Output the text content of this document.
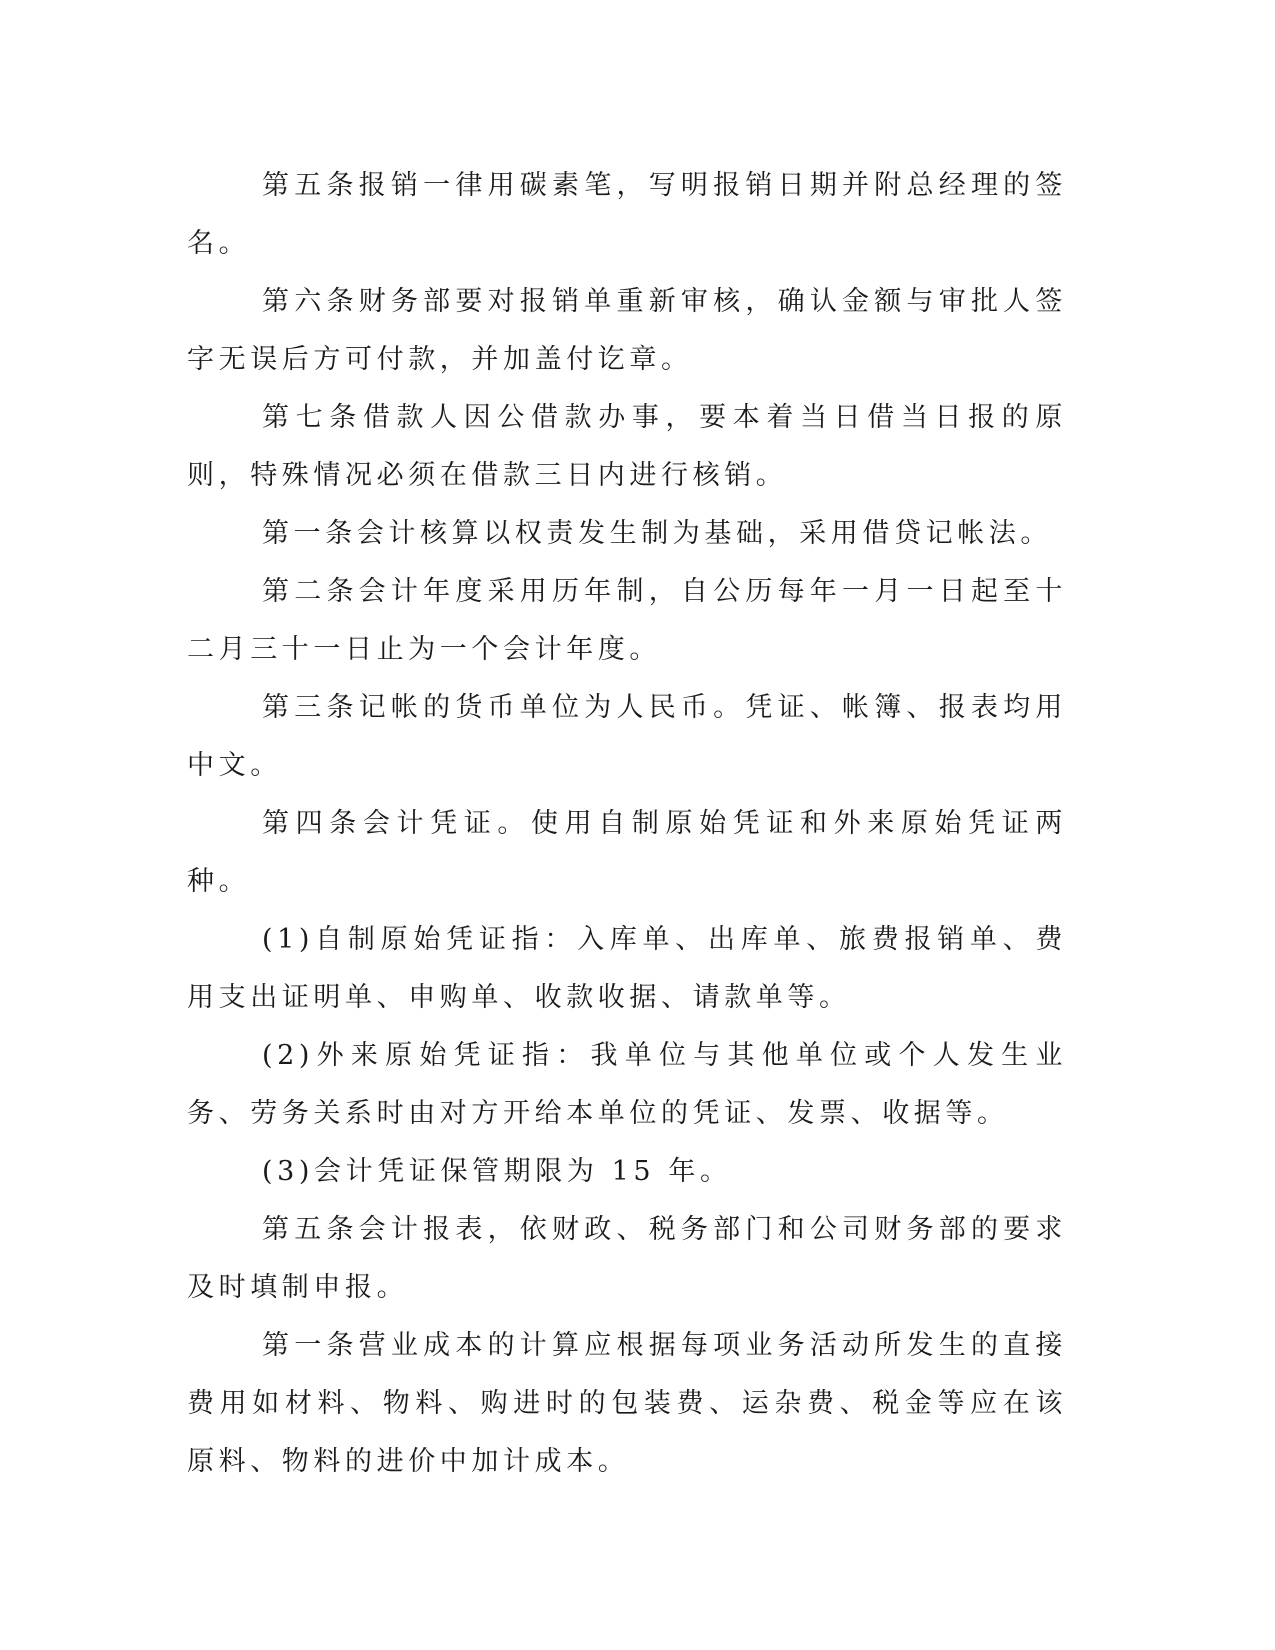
第五条报销一律用碳素笔，写明报销日期并附总经理的签名。

第六条财务部要对报销单重新审核，确认金额与审批人签字无误后方可付款，并加盖付讫章。

第七条借款人因公借款办事，要本着当日借当日报的原则，特殊情况必须在借款三日内进行核销。

第一条会计核算以权责发生制为基础，采用借贷记帐法。

第二条会计年度采用历年制，自公历每年一月一日起至十二月三十一日止为一个会计年度。

第三条记帐的货币单位为人民币。凭证、帐簿、报表均用中文。

第四条会计凭证。使用自制原始凭证和外来原始凭证两种。

(1)自制原始凭证指：入库单、出库单、旅费报销单、费用支出证明单、申购单、收款收据、请款单等。

(2)外来原始凭证指：我单位与其他单位或个人发生业务、劳务关系时由对方开给本单位的凭证、发票、收据等。

(3)会计凭证保管期限为 15 年。

第五条会计报表，依财政、税务部门和公司财务部的要求及时填制申报。

第一条营业成本的计算应根据每项业务活动所发生的直接费用如材料、物料、购进时的包装费、运杂费、税金等应在该原料、物料的进价中加计成本。
